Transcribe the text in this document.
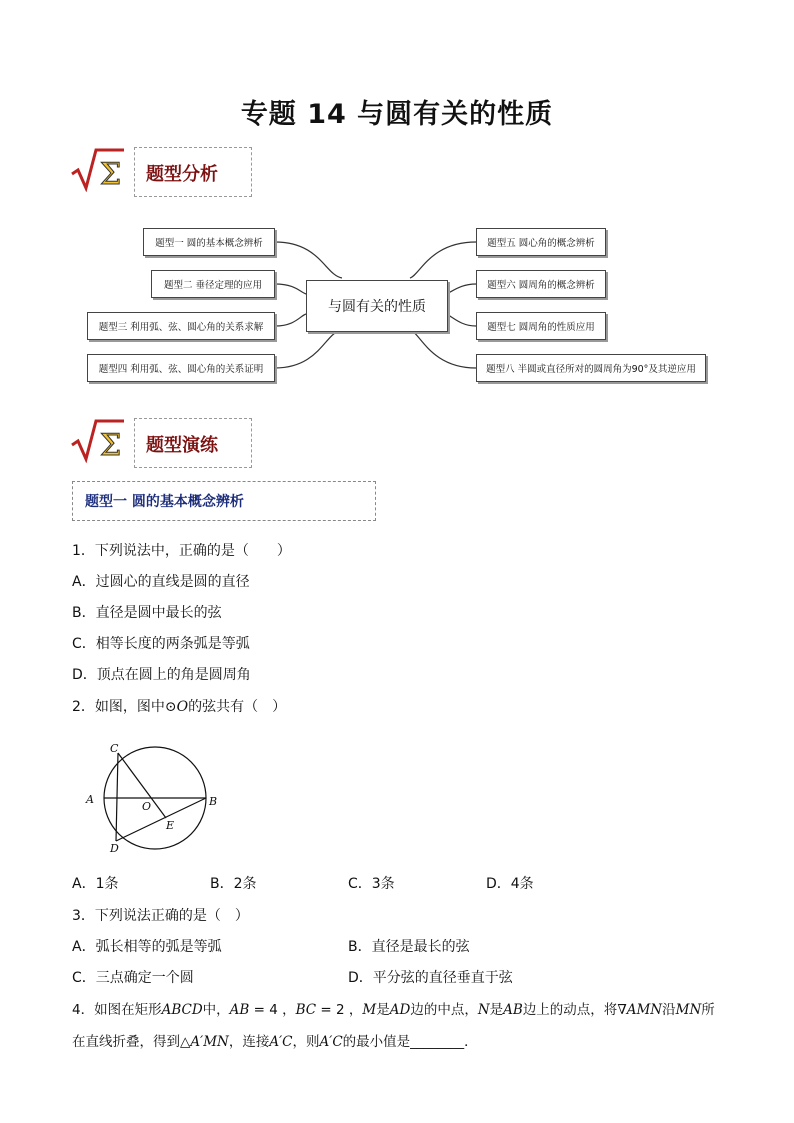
专题 14 与圆有关的性质
Σ 题型分析
与圆有关的性质
题型一 圆的基本概念辨析
题型二 垂径定理的应用
题型三 利用弧、弦、圆心角的关系求解
题型四 利用弧、弦、圆心角的关系证明
题型五 圆心角的概念辨析
题型六 圆周角的概念辨析
题型七 圆周角的性质应用
题型八 半圆或直径所对的圆周角为90°及其逆应用
Σ 题型演练
题型一 圆的基本概念辨析
1．下列说法中，正确的是（　　）
A．过圆心的直线是圆的直径
B．直径是圆中最长的弦
C．相等长度的两条弧是等弧
D．顶点在圆上的角是圆周角
2．如图，图中⊙O的弦共有（　）
C
A
O	B
E
D
A．1条	B．2条	C．3条	D．4条
3．下列说法正确的是（　）
A．弧长相等的弧是等弧	B．直径是最长的弦
C．三点确定一个圆	D．平分弦的直径垂直于弦
4．如图在矩形ABCD中，AB = 4 ，BC = 2 ，M是AD边的中点，N是AB边上的动点，将∇AMN沿MN所
在直线折叠，得到△A′MN，连接A′C，则A′C的最小值是________．
